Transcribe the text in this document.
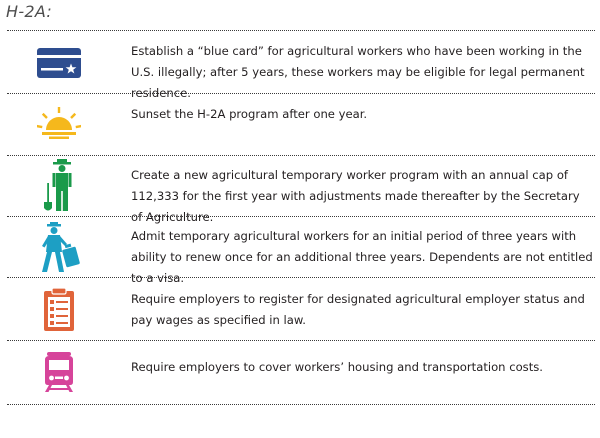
H-2A:
Establish a “blue card” for agricultural workers who have been working in the U.S. illegally; after 5 years, these workers may be eligible for legal permanent residence.
Sunset the H-2A program after one year.
Create a new agricultural temporary worker program with an annual cap of 112,333 for the first year with adjustments made thereafter by the Secretary of Agriculture.
Admit temporary agricultural workers for an initial period of three years with ability to renew once for an additional three years. Dependents are not entitled to a visa.
Require employers to register for designated agricultural employer status and pay wages as specified in law.
Require employers to cover workers’ housing and transportation costs.
